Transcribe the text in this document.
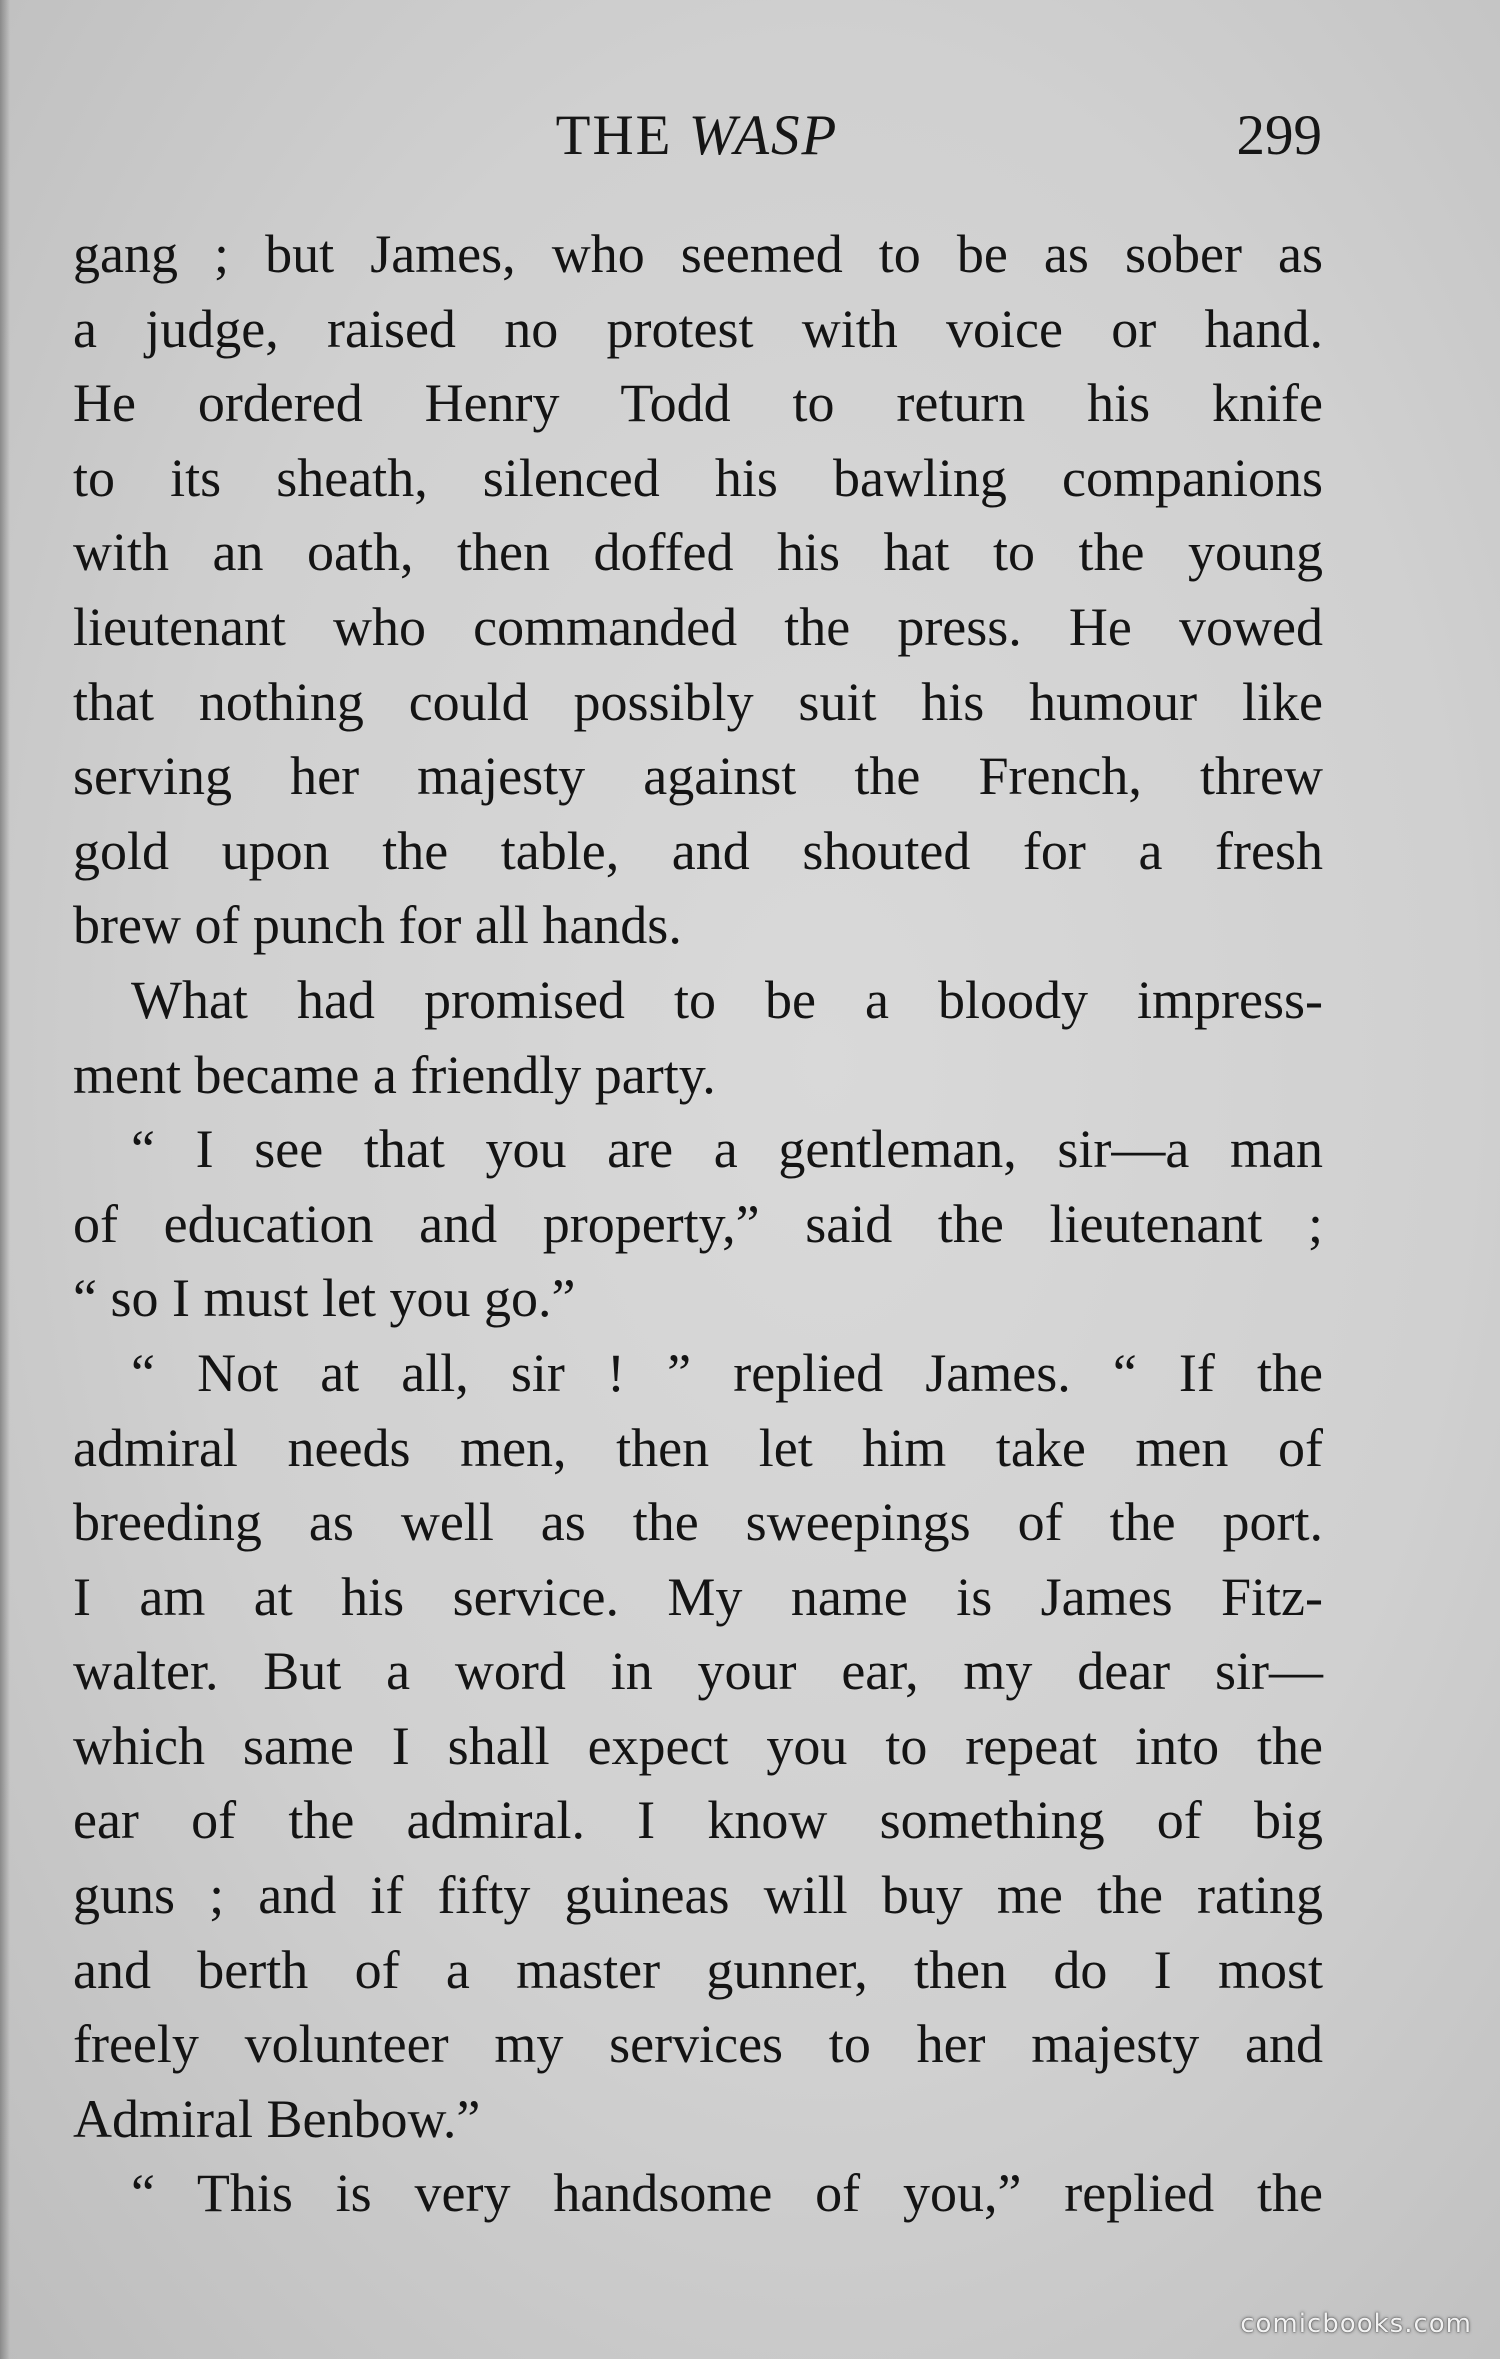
THE WASP	299
gang ; but James, who seemed to be as sober as
a judge, raised no protest with voice or hand.
He ordered Henry Todd to return his knife
to its sheath, silenced his bawling companions
with an oath, then doffed his hat to the young
lieutenant who commanded the press. He vowed
that nothing could possibly suit his humour like
serving her majesty against the French, threw
gold upon the table, and shouted for a fresh
brew of punch for all hands.
What had promised to be a bloody impress-
ment became a friendly party.
“ I see that you are a gentleman, sir—a man
of education and property,” said the lieutenant ;
“ so I must let you go.”
“ Not at all, sir ! ” replied James. “ If the
admiral needs men, then let him take men of
breeding as well as the sweepings of the port.
I am at his service. My name is James Fitz-
walter. But a word in your ear, my dear sir—
which same I shall expect you to repeat into the
ear of the admiral. I know something of big
guns ; and if fifty guineas will buy me the rating
and berth of a master gunner, then do I most
freely volunteer my services to her majesty and
Admiral Benbow.”
“ This is very handsome of you,” replied the
comicbooks.com
